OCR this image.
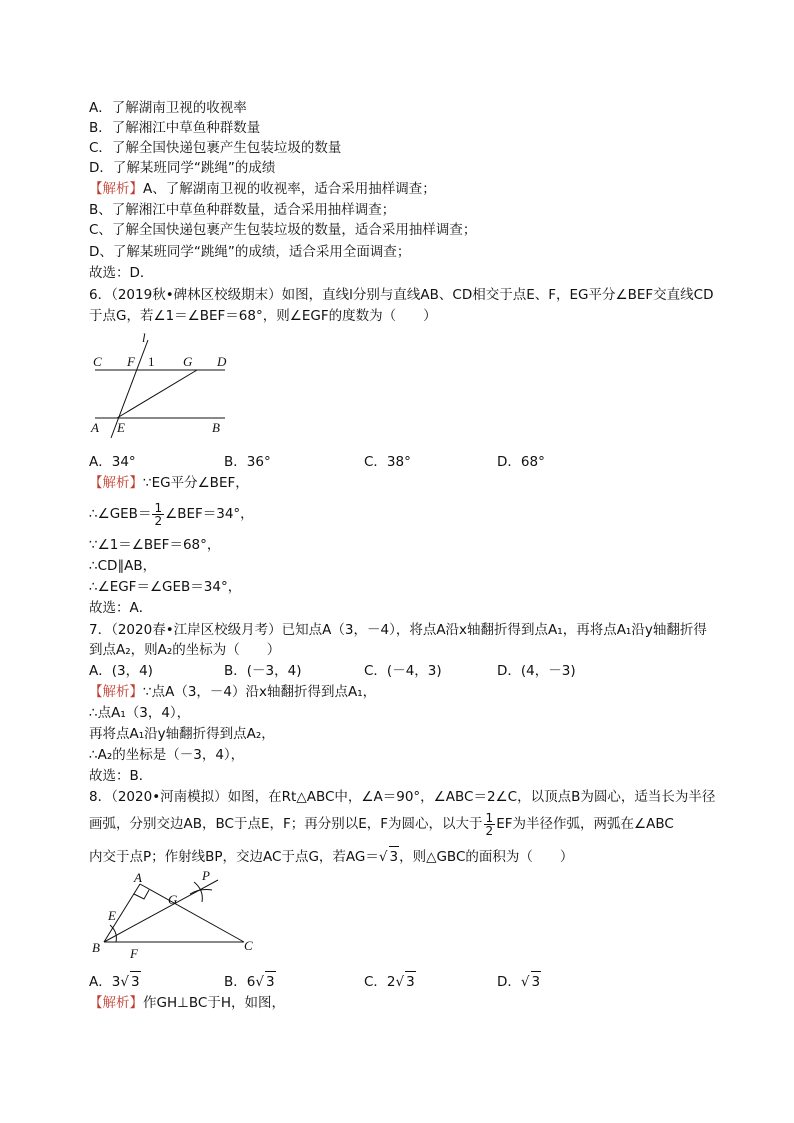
A．了解湖南卫视的收视率
B．了解湘江中草鱼种群数量
C．了解全国快递包裹产生包装垃圾的数量
D．了解某班同学“跳绳”的成绩
【解析】A、了解湖南卫视的收视率，适合采用抽样调查；
B、了解湘江中草鱼种群数量，适合采用抽样调查；
C、了解全国快递包裹产生包装垃圾的数量，适合采用抽样调查；
D、了解某班同学“跳绳”的成绩，适合采用全面调查；
故选：D．
6．（2019秋•碑林区校级期末）如图，直线l分别与直线AB、CD相交于点E、F，EG平分∠BEF交直线CD
于点G，若∠1＝∠BEF＝68°，则∠EGF的度数为（　　）
C F 1
l
G D
A E	B
A．34°	B．36°	C．38°	D．68°
【解析】∵EG平分∠BEF，
∴∠GEB＝ $\frac{1}{2}$ ∠BEF＝34°，
∵∠1＝∠BEF＝68°，
∴CD∥AB，
∴∠EGF＝∠GEB＝34°，
故选：A．
7．（2020春•江岸区校级月考）已知点A（3，－4），将点A沿x轴翻折得到点A₁，再将点A₁沿y轴翻折得
到点A₂，则A₂的坐标为（　　）
A．(3，4)	B．(－3，4)	C．(－4，3)	D．(4，－3)
【解析】∵点A（3，－4）沿x轴翻折得到点A₁，
∴点A₁（3，4），
再将点A₁沿y轴翻折得到点A₂，
∴A₂的坐标是（－3，4），
故选：B．
8．（2020•河南模拟）如图，在Rt△ABC中，∠A＝90°，∠ABC＝2∠C，以顶点B为圆心，适当长为半径
画弧，分别交边AB，BC于点E，F；再分别以E，F为圆心，以大于 $\frac{1}{2}$ EF为半径作弧，两弧在∠ABC
内交于点P；作射线BP，交边AC于点G，若AG＝√ 3，则△GBC的面积为（　　）
A	P
G
E
B F
C
A．3√ 3	B．6√ 3	C．2√ 3	D．√ 3
【解析】作GH⊥BC于H，如图，
